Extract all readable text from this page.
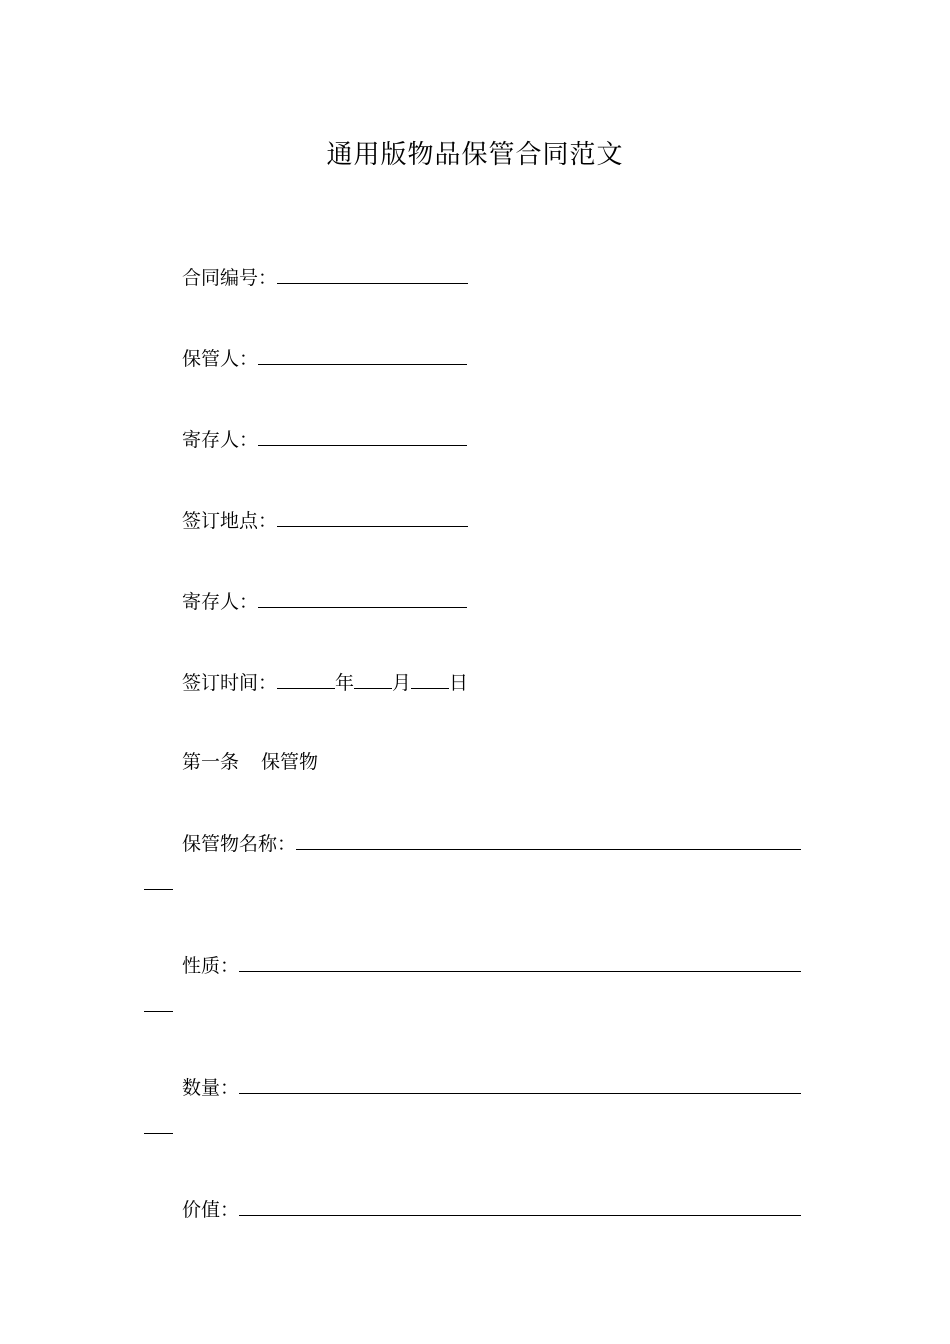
通用版物品保管合同范文
合同编号：
保管人：
寄存人：
签订地点：
寄存人：
签订时间：	年 月 日
第一条 保管物
保管物名称：
性质：
数量：
价值：
